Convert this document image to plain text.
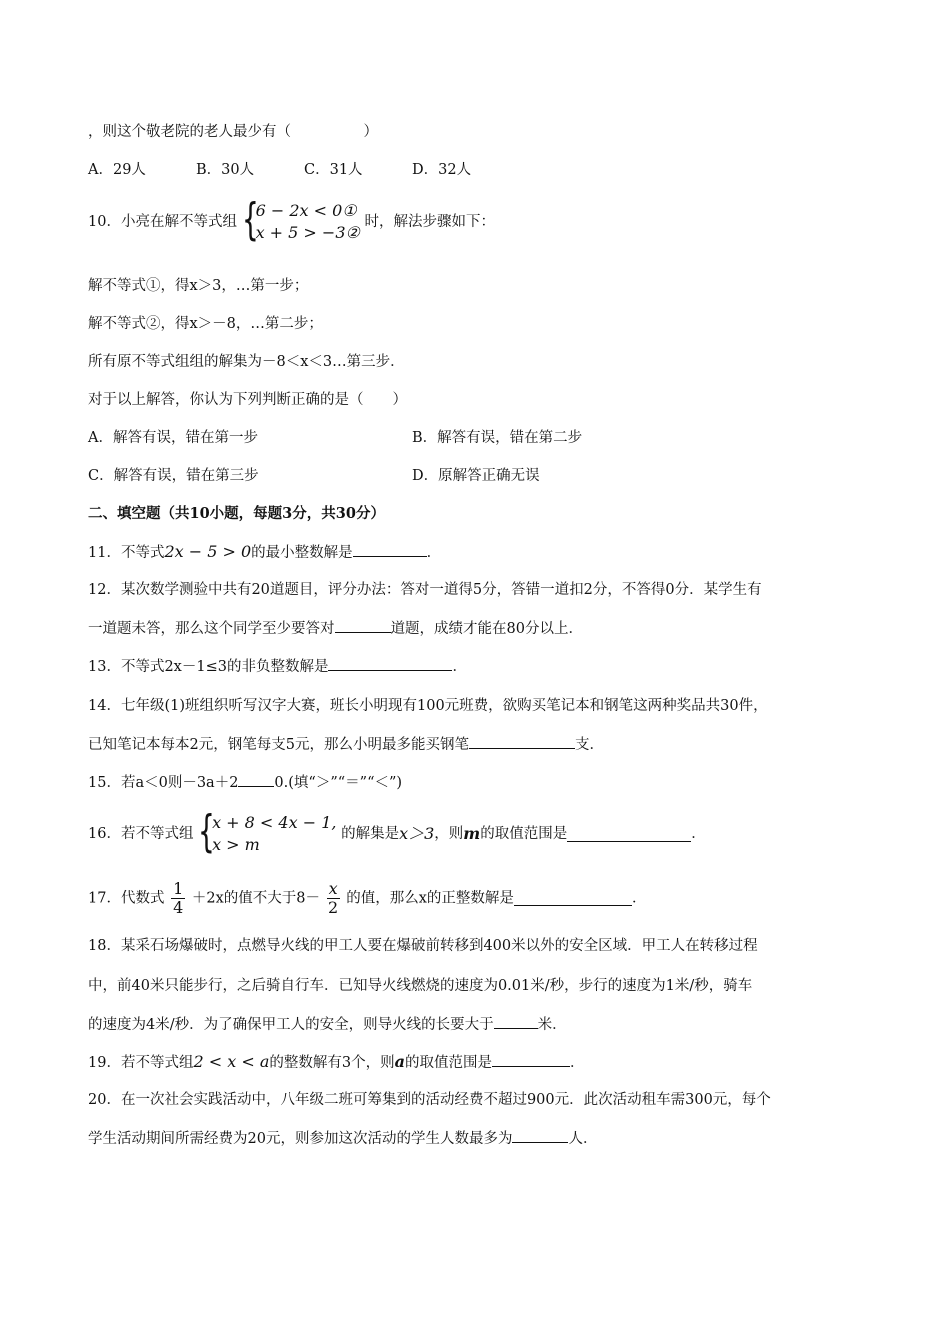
，则这个敬老院的老人最少有（　　　　　）
A．29人	B．30人	C．31人	D．32人
10．小亮在解不等式组 {
6 − 2x < 0①
x + 5 > −3②
时，解法步骤如下：
解不等式①，得x＞3，…第一步；
解不等式②，得x＞－8，…第二步；
所有原不等式组组的解集为－8＜x＜3…第三步．
对于以上解答，你认为下列判断正确的是（　　）
A．解答有误，错在第一步	B．解答有误，错在第二步
C．解答有误，错在第三步	D．原解答正确无误
二、填空题（共10小题，每题3分，共30分）
11．不等式2x − 5 > 0的最小整数解是	．
12．某次数学测验中共有20道题目，评分办法：答对一道得5分，答错一道扣2分，不答得0分．某学生有
一道题未答，那么这个同学至少要答对	道题，成绩才能在80分以上．
13．不等式2x－1≤3的非负整数解是	．
14．七年级(1)班组织听写汉字大赛，班长小明现有100元班费，欲购买笔记本和钢笔这两种奖品共30件，
已知笔记本每本2元，钢笔每支5元，那么小明最多能买钢笔	支．
15．若a＜0则－3a＋2 0.(填“＞”“＝”“＜”)
16．若不等式组 {
x + 8 < 4x − 1,
x > m
的解集是x＞3，则m的取值范围是	．
17．代数式 $\frac{1}{4} +2x$的值不大于$8- \frac{x}{2}$ 的值，那么x的正整数解是	．
18．某采石场爆破时，点燃导火线的甲工人要在爆破前转移到400米以外的安全区域．甲工人在转移过程
中，前40米只能步行，之后骑自行车．已知导火线燃烧的速度为0.01米/秒，步行的速度为1米/秒，骑车
的速度为4米/秒．为了确保甲工人的安全，则导火线的长要大于	米．
19．若不等式组2 < x < a的整数解有3个，则a的取值范围是	．
20．在一次社会实践活动中，八年级二班可筹集到的活动经费不超过900元．此次活动租车需300元，每个
学生活动期间所需经费为20元，则参加这次活动的学生人数最多为	人．
